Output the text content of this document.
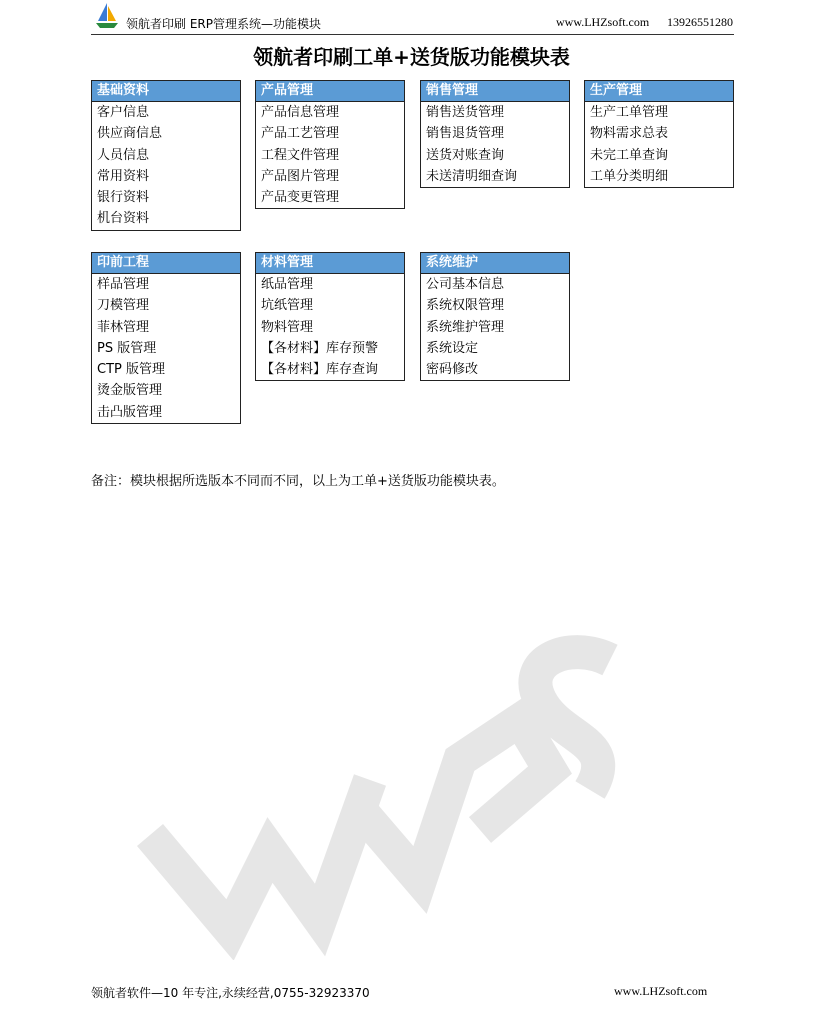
领航者印刷 ERP管理系统—功能模块	www.LHZsoft.com 13926551280
领航者印刷工单+送货版功能模块表
基础资料
客户信息
供应商信息
人员信息
常用资料
银行资料
机台资料
产品管理
产品信息管理
产品工艺管理
工程文件管理
产品图片管理
产品变更管理
销售管理
销售送货管理
销售退货管理
送货对账查询
未送清明细查询
生产管理
生产工单管理
物料需求总表
未完工单查询
工单分类明细
印前工程
样品管理
刀模管理
菲林管理
PS 版管理
CTP 版管理
烫金版管理
击凸版管理
材料管理
纸品管理
坑纸管理
物料管理
【各材料】库存预警
【各材料】库存查询
系统维护
公司基本信息
系统权限管理
系统维护管理
系统设定
密码修改
备注：模块根据所选版本不同而不同，以上为工单+送货版功能模块表。
领航者软件—10 年专注,永续经营,0755-32923370	www.LHZsoft.com
